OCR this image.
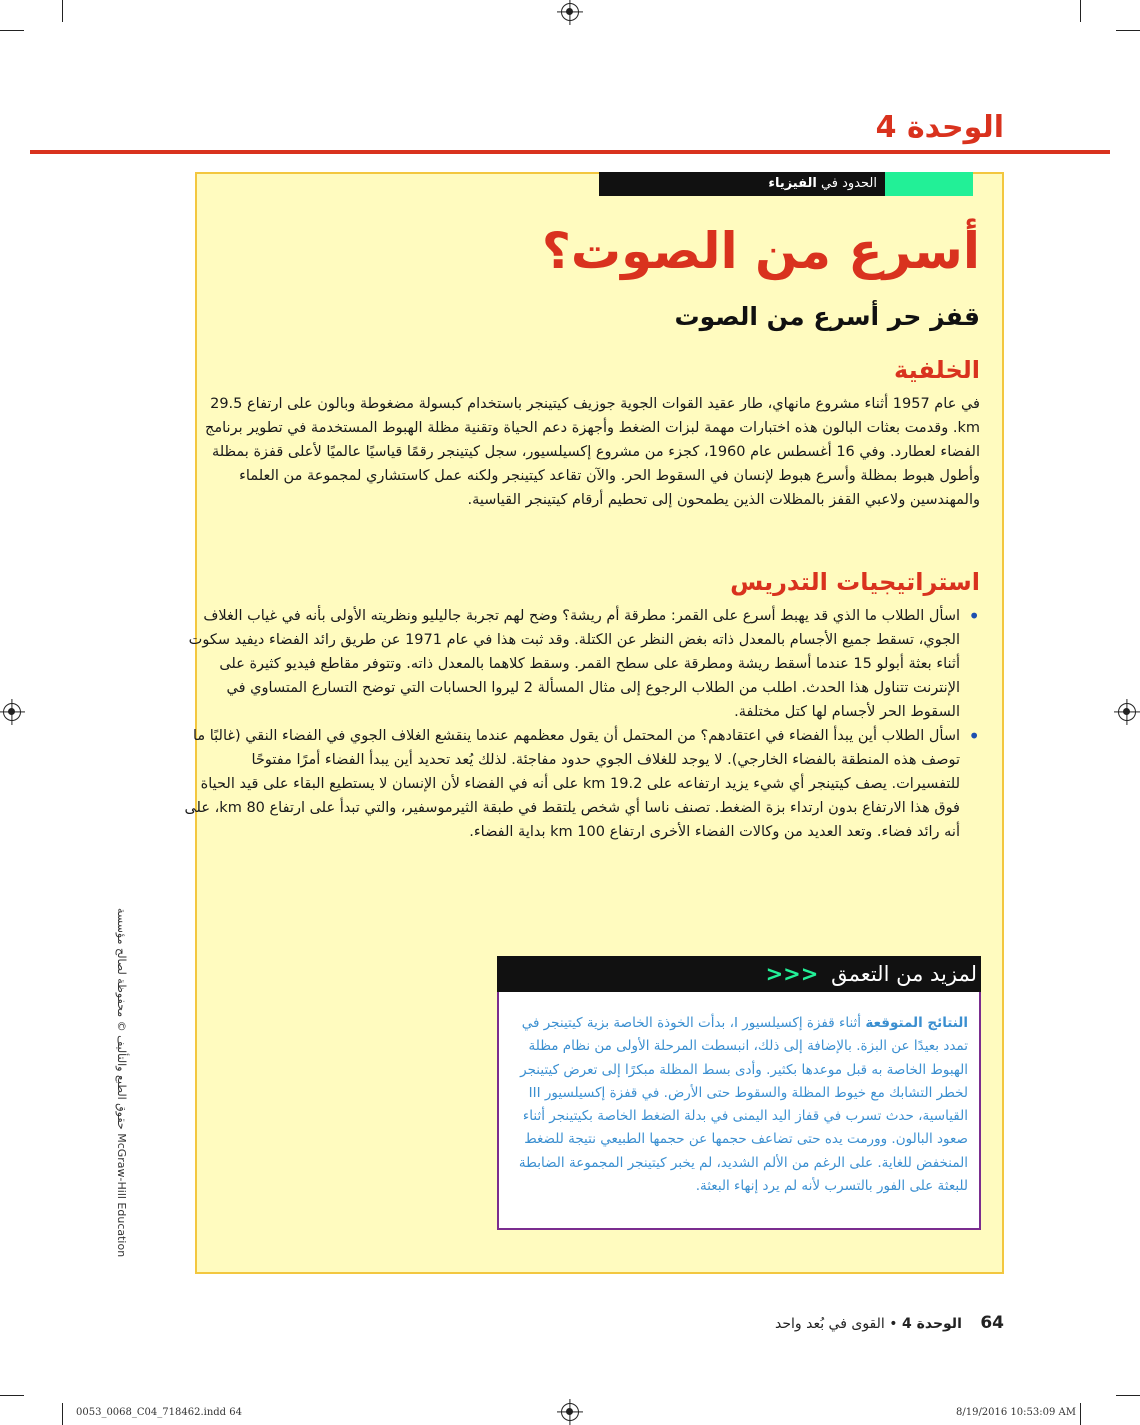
الوحدة 4
الحدود في الفيزياء
أسرع من الصوت؟
قفز حر أسرع من الصوت
الخلفية
في عام 1957 أثناء مشروع مانهاي، طار عقيد القوات الجوية جوزيف كيتينجر باستخدام كبسولة مضغوطة وبالون على ارتفاع 29.5 km. وقدمت بعثات البالون هذه اختبارات مهمة لبزات الضغط وأجهزة دعم الحياة وتقنية مظلة الهبوط المستخدمة في تطوير برنامج الفضاء لعطارد. وفي 16 أغسطس عام 1960، كجزء من مشروع إكسيلسيور، سجل كيتينجر رقمًا قياسيًا عالميًا لأعلى قفزة بمظلة وأطول هبوط بمظلة وأسرع هبوط لإنسان في السقوط الحر. والآن تقاعد كيتينجر ولكنه عمل كاستشاري لمجموعة من العلماء والمهندسين ولاعبي القفز بالمظلات الذين يطمحون إلى تحطيم أرقام كيتينجر القياسية.
استراتيجيات التدريس
• اسأل الطلاب ما الذي قد يهبط أسرع على القمر: مطرقة أم ريشة؟ وضح لهم تجربة جاليليو ونظريته الأولى بأنه في غياب الغلاف الجوي، تسقط جميع الأجسام بالمعدل ذاته بغض النظر عن الكتلة. وقد ثبت هذا في عام 1971 عن طريق رائد الفضاء ديفيد سكوت أثناء بعثة أبولو 15 عندما أسقط ريشة ومطرقة على سطح القمر. وسقط كلاهما بالمعدل ذاته. وتتوفر مقاطع فيديو كثيرة على الإنترنت تتناول هذا الحدث. اطلب من الطلاب الرجوع إلى مثال المسألة 2 ليروا الحسابات التي توضح التسارع المتساوي في السقوط الحر لأجسام لها كتل مختلفة.
• اسأل الطلاب أين يبدأ الفضاء في اعتقادهم؟ من المحتمل أن يقول معظمهم عندما ينقشع الغلاف الجوي في الفضاء النقي (غالبًا ما توصف هذه المنطقة بالفضاء الخارجي). لا يوجد للغلاف الجوي حدود مفاجئة. لذلك يُعد تحديد أين يبدأ الفضاء أمرًا مفتوحًا للتفسيرات. يصف كيتينجر أي شيء يزيد ارتفاعه على 19.2 km على أنه في الفضاء لأن الإنسان لا يستطيع البقاء على قيد الحياة فوق هذا الارتفاع بدون ارتداء بزة الضغط. تصنف ناسا أي شخص يلتقط في طبقة الثيرموسفير، والتي تبدأ على ارتفاع 80 km، على أنه رائد فضاء. وتعد العديد من وكالات الفضاء الأخرى ارتفاع 100 km بداية الفضاء.
لمزيد من التعمق <<<
النتائج المتوقعة أثناء قفزة إكسيلسيور I، بدأت الخوذة الخاصة بزية كيتينجر في تمدد بعيدًا عن البزة. بالإضافة إلى ذلك، انبسطت المرحلة الأولى من نظام مظلة الهبوط الخاصة به قبل موعدها بكثير. وأدى بسط المظلة مبكرًا إلى تعرض كيتينجر لخطر التشابك مع خيوط المظلة والسقوط حتى الأرض. في قفزة إكسيلسيور III القياسية، حدث تسرب في قفاز اليد اليمنى في بدلة الضغط الخاصة بكيتينجر أثناء صعود البالون. وورمت يده حتى تضاعف حجمها عن حجمها الطبيعي نتيجة للضغط المنخفض للغاية. على الرغم من الألم الشديد، لم يخبر كيتينجر المجموعة الضابطة للبعثة على الفور بالتسرب لأنه لم يرد إنهاء البعثة.
64 الوحدة 4 • القوى في بُعد واحد
حقوق الطبع والتأليف © محفوظة لصالح مؤسسة McGraw-Hill Education
0053_0068_C04_718462.indd 64	8/19/2016 10:53:09 AM
